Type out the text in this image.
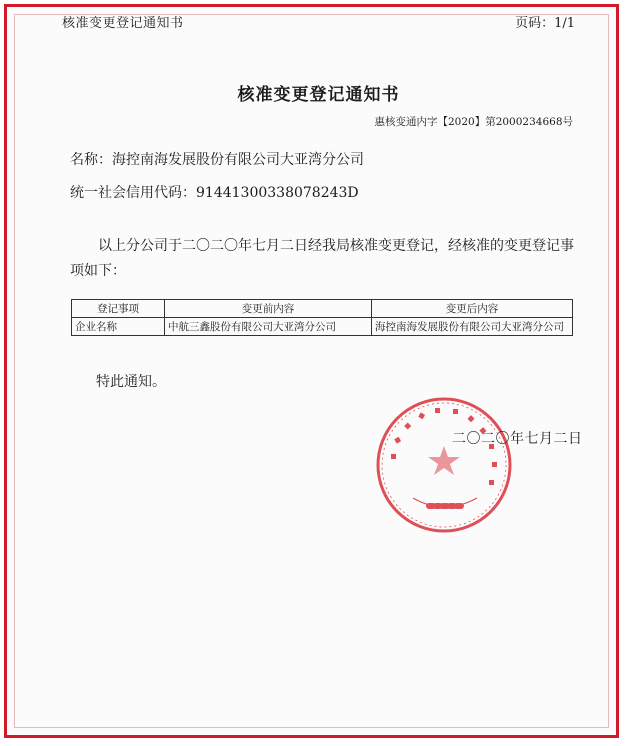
核准变更登记通知书	页码：1/1
核准变更登记通知书
惠核变通内字【2020】第2000234668号
名称：海控南海发展股份有限公司大亚湾分公司
统一社会信用代码：91441300338078243D
以上分公司于二〇二〇年七月二日经我局核准变更登记，经核准的变更登记事项如下：
登记事项	变更前内容	变更后内容
企业名称	中航三鑫股份有限公司大亚湾分公司	海控南海发展股份有限公司大亚湾分公司
特此通知。
二〇二〇年七月二日
